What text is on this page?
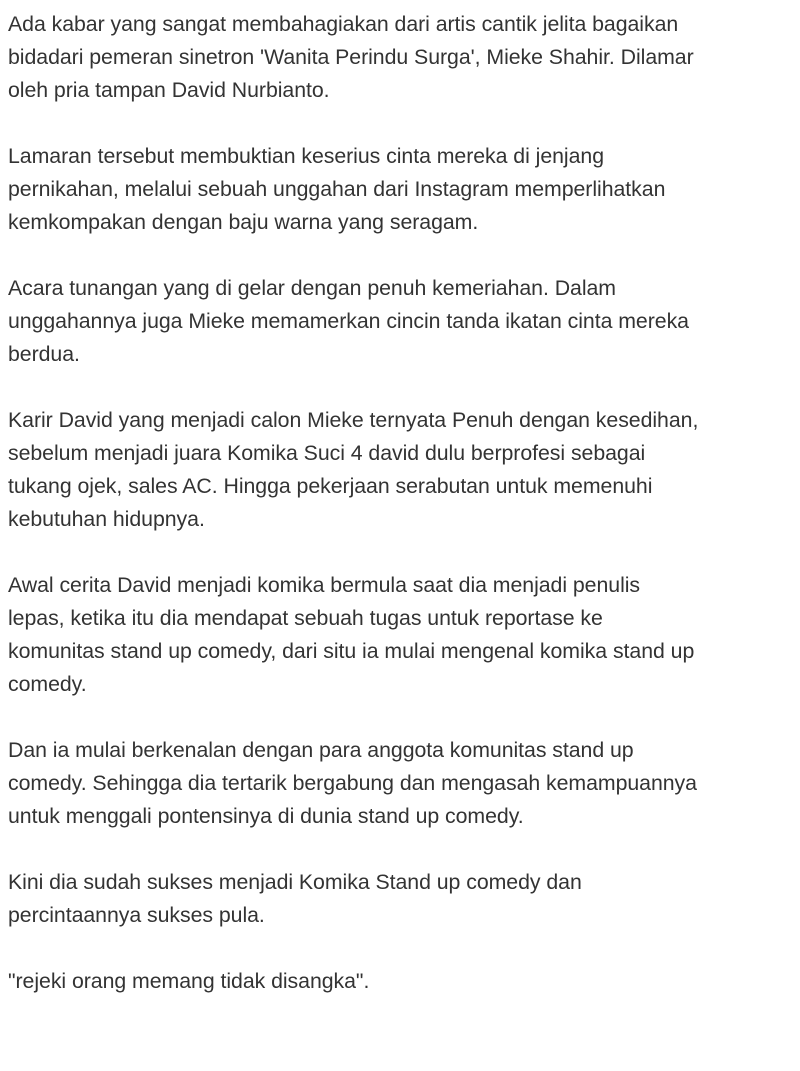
Ada kabar yang sangat membahagiakan dari artis cantik jelita bagaikan
bidadari pemeran sinetron 'Wanita Perindu Surga', Mieke Shahir. Dilamar
oleh pria tampan David Nurbianto.

Lamaran tersebut membuktian keserius cinta mereka di jenjang
pernikahan, melalui sebuah unggahan dari Instagram memperlihatkan
kemkompakan dengan baju warna yang seragam.

Acara tunangan yang di gelar dengan penuh kemeriahan. Dalam
unggahannya juga Mieke memamerkan cincin tanda ikatan cinta mereka
berdua.

Karir David yang menjadi calon Mieke ternyata Penuh dengan kesedihan,
sebelum menjadi juara Komika Suci 4 david dulu berprofesi sebagai
tukang ojek, sales AC. Hingga pekerjaan serabutan untuk memenuhi
kebutuhan hidupnya.

Awal cerita David menjadi komika bermula saat dia menjadi penulis
lepas, ketika itu dia mendapat sebuah tugas untuk reportase ke
komunitas stand up comedy, dari situ ia mulai mengenal komika stand up
comedy.

Dan ia mulai berkenalan dengan para anggota komunitas stand up
comedy. Sehingga dia tertarik bergabung dan mengasah kemampuannya
untuk menggali pontensinya di dunia stand up comedy.

Kini dia sudah sukses menjadi Komika Stand up comedy dan
percintaannya sukses pula.

"rejeki orang memang tidak disangka".
